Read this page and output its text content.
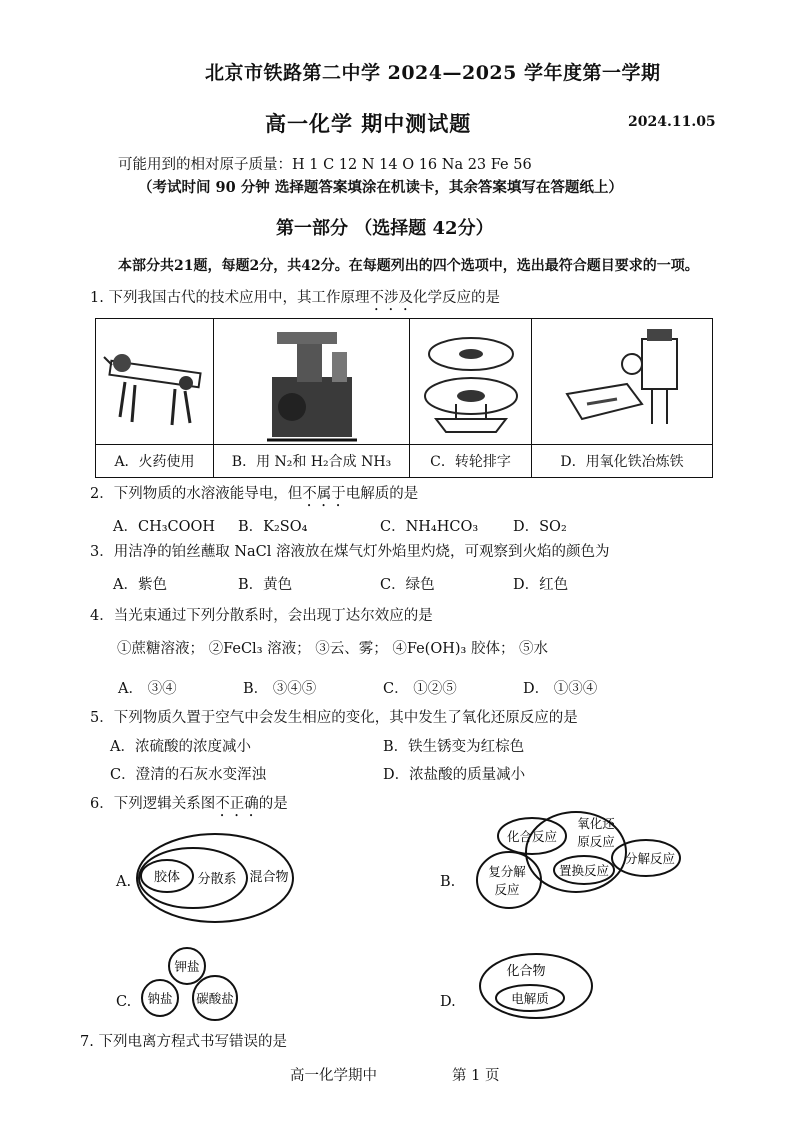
北京市铁路第二中学 2024—2025 学年度第一学期
高一化学 期中测试题	2024.11.05
可能用到的相对原子质量：H 1 C 12 N 14 O 16 Na 23 Fe 56
（考试时间 90 分钟 选择题答案填涂在机读卡，其余答案填写在答题纸上）
第一部分 （选择题 42分）
本部分共21题，每题2分，共42分。在每题列出的四个选项中，选出最符合题目要求的一项。
1. 下列我国古代的技术应用中，其工作原理不涉及化学反应的是
A．火药使用	B．用 N₂和 H₂合成 NH₃	C．转轮排字	D．用氧化铁冶炼铁
2．下列物质的水溶液能导电，但不属于电解质的是
A．CH₃COOH B．K₂SO₄	C．NH₄HCO₃ D．SO₂
3．用洁净的铂丝蘸取 NaCl 溶液放在煤气灯外焰里灼烧，可观察到火焰的颜色为
A．紫色	B．黄色	C．绿色	D．红色
4．当光束通过下列分散系时，会出现丁达尔效应的是
①蔗糖溶液； ②FeCl₃ 溶液； ③云、雾； ④Fe(OH)₃ 胶体； ⑤水
A． ③④	B． ③④⑤	C． ①②⑤	D． ①③④
5．下列物质久置于空气中会发生相应的变化，其中发生了氧化还原反应的是
A．浓硫酸的浓度减小	B．铁生锈变为红棕色
C．澄清的石灰水变浑浊	D．浓盐酸的质量减小
6．下列逻辑关系图不正确的是
A. 胶体 分散系 混合物	B.
化合反应
氧化还
原反应
分解反应
复分解
反应
置换反应
C.
钾盐
钠盐 碳酸盐	D.
化合物
电解质
7. 下列电离方程式书写错误的是
高一化学期中	第 1 页
